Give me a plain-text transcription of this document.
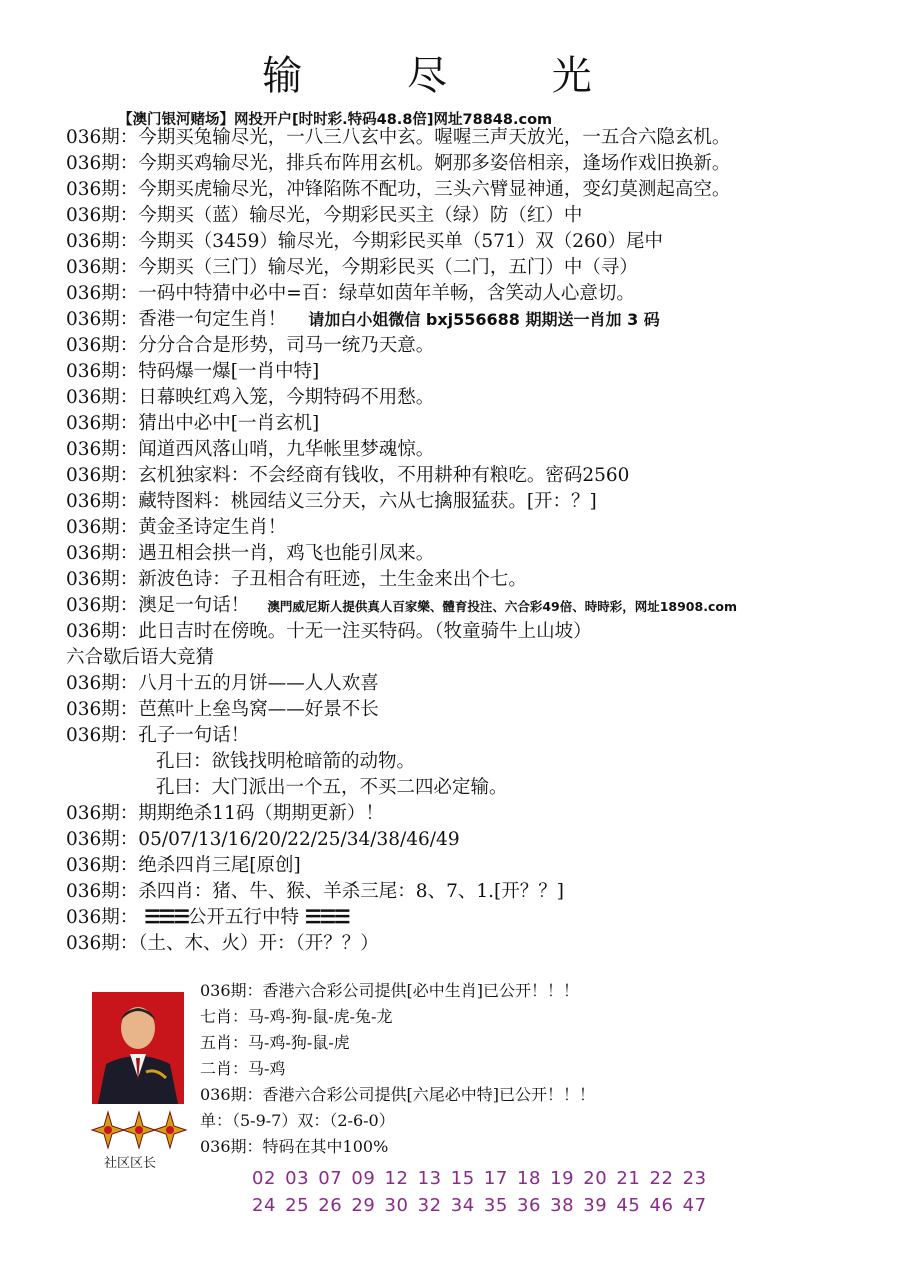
输 尽 光
【澳门银河赌场】网投开户[时时彩.特码48.8倍]网址78848.com
036期：今期买兔输尽光，一八三八玄中玄。喔喔三声天放光，一五合六隐玄机。
036期：今期买鸡输尽光，排兵布阵用玄机。婀那多姿倍相亲，逢场作戏旧换新。
036期：今期买虎输尽光，冲锋陷陈不配功，三头六臂显神通，变幻莫测起高空。
036期：今期买（蓝）输尽光，今期彩民买主（绿）防（红）中
036期：今期买（3459）输尽光，今期彩民买单（571）双（260）尾中
036期：今期买（三门）输尽光，今期彩民买（二门，五门）中（寻）
036期：一码中特猜中必中=百：绿草如茵年羊畅，含笑动人心意切。
036期：香港一句定生肖！ 请加白小姐微信 bxj556688 期期送一肖加 3 码
036期：分分合合是形势，司马一统乃天意。
036期：特码爆一爆[一肖中特]
036期：日幕映红鸡入笼，今期特码不用愁。
036期：猜出中必中[一肖玄机]
036期：闻道西风落山哨，九华帐里梦魂惊。
036期：玄机独家料：不会经商有钱收，不用耕种有粮吃。密码2560
036期：藏特图料：桃园结义三分天，六从七擒服猛获。[开：？]
036期：黄金圣诗定生肖！
036期：遇丑相会拱一肖，鸡飞也能引凤来。
036期：新波色诗：子丑相合有旺迹，土生金来出个七。
036期：澳足一句话！ 澳門威尼斯人提供真人百家樂、體育投注、六合彩49倍、時時彩，网址18908.com
036期：此日吉时在傍晚。十无一注买特码。（牧童骑牛上山坡）
六合歇后语大竞猜
036期：八月十五的月饼——人人欢喜
036期：芭蕉叶上垒鸟窝——好景不长
036期：孔子一句话！
孔曰：欲钱找明枪暗箭的动物。
孔曰：大门派出一个五，不买二四必定输。
036期：期期绝杀11码（期期更新）！
036期：05/07/13/16/20/22/25/34/38/46/49
036期：绝杀四肖三尾[原创]
036期：杀四肖：猪、牛、猴、羊杀三尾：8、7、1.[开？？]
036期： ☰☰☰公开五行中特 ☰☰☰
036期：（土、木、火）开：（开？？）
社区区长
036期：香港六合彩公司提供[必中生肖]已公开！！！
七肖：马-鸡-狗-鼠-虎-兔-龙
五肖：马-鸡-狗-鼠-虎
二肖：马-鸡
036期：香港六合彩公司提供[六尾必中特]已公开！！！
单：（5-9-7）双：（2-6-0）
036期：特码在其中100%
02 03 07 09 12 13 15 17 18 19 20 21 22 23
24 25 26 29 30 32 34 35 36 38 39 45 46 47
